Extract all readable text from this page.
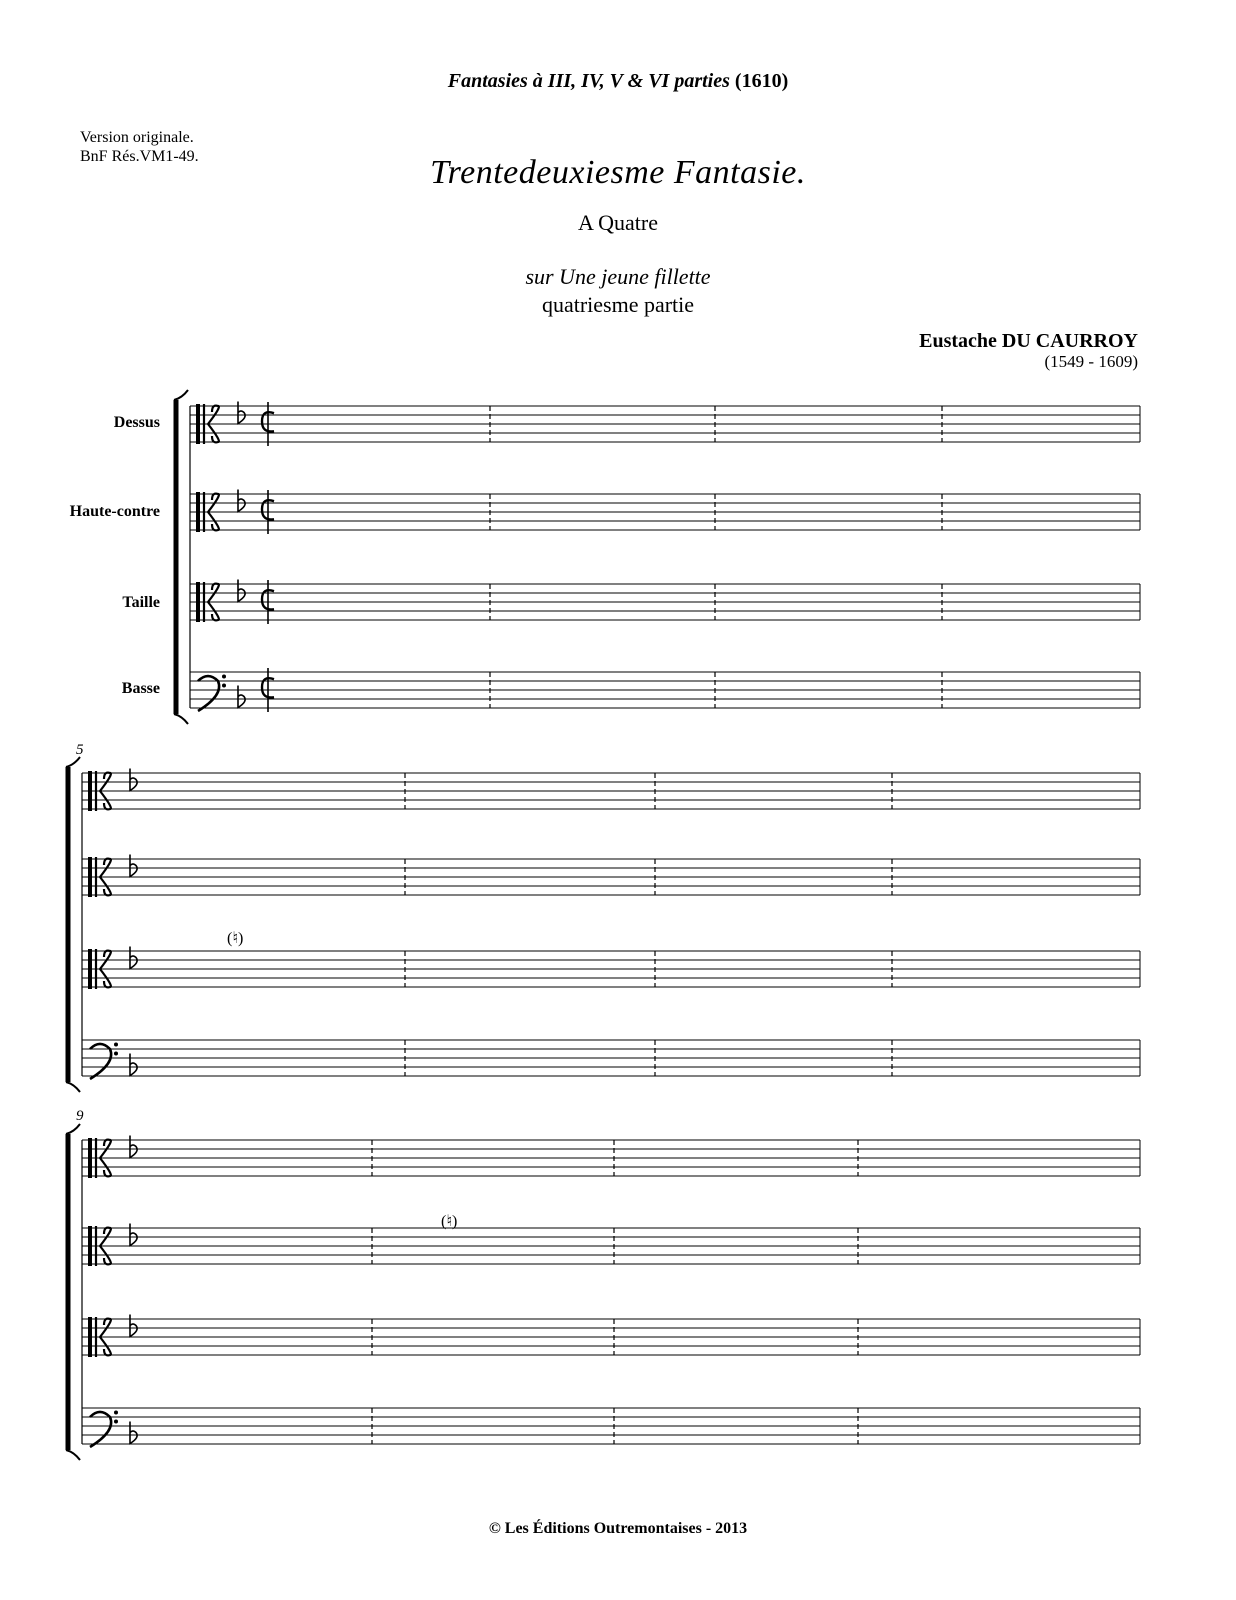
Fantasies à III, IV, V & VI parties (1610)
Version originale.
BnF Rés.VM1-49.	Trentedeuxiesme Fantasie.
A Quatre
sur Une jeune fillette
quatriesme partie
Eustache DU CAURROY
(1549 - 1609)
Dessus
Haute-contre
Taille
Basse
5
9
(♮)
(♮)
© Les Éditions Outremontaises - 2013
